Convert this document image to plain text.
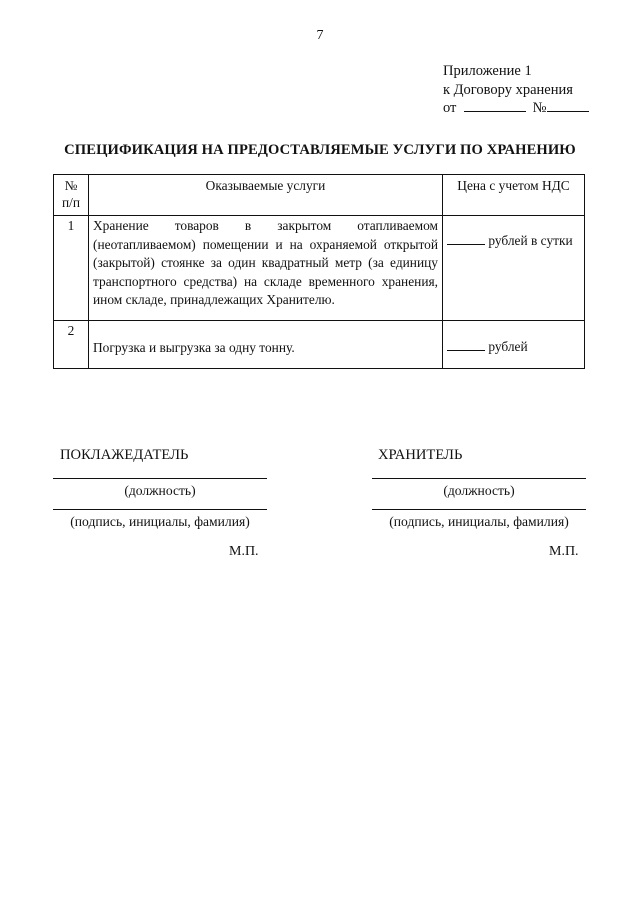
7
Приложение 1
к Договору хранения
от	№
СПЕЦИФИКАЦИЯ НА ПРЕДОСТАВЛЯЕМЫЕ УСЛУГИ ПО ХРАНЕНИЮ
№
п/п	Оказываемые услуги	Цена с учетом НДС
1	Хранение товаров в закрытом отапливаемом (неотапливаемом) помещении и на охраняемой открытой (закрытой) стоянке за один квадратный метр (за единицу транспортного средства) на складе временного хранения, ином складе, принадлежащих Хранителю.	рублей в сутки
2	Погрузка и выгрузка за одну тонну.	рублей
ПОКЛАЖЕДАТЕЛЬ
(должность)
(подпись, инициалы, фамилия)
М.П.
ХРАНИТЕЛЬ
(должность)
(подпись, инициалы, фамилия)
М.П.
